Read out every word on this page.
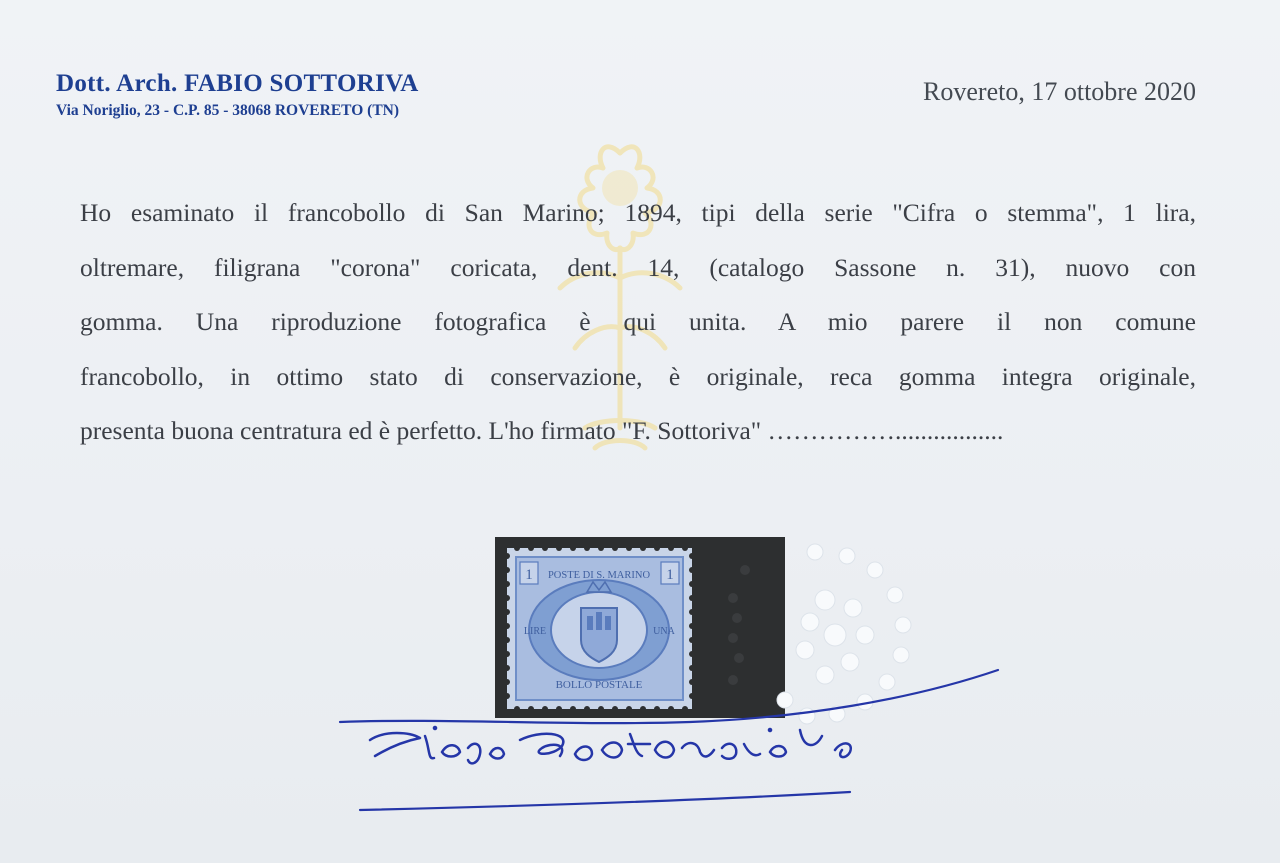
Dott. Arch. FABIO SOTTORIVA
Via Noriglio, 23 - C.P. 85 - 38068 ROVERETO (TN)
Rovereto, 17 ottobre 2020
Ho esaminato il francobollo di San Marino; 1894, tipi della serie "Cifra o stemma", 1 lira,
oltremare, filigrana "corona" coricata, dent. 14, (catalogo Sassone n. 31), nuovo con
gomma. Una riproduzione fotografica è qui unita. A mio parere il non comune
francobollo, in ottimo stato di conservazione, è originale, reca gomma integra originale,
presenta buona centratura ed è perfetto. L'ho firmato "F. Sottoriva" …………….................
1	1
POSTE DI S. MARINO
LIRE	UNA
BOLLO POSTALE
